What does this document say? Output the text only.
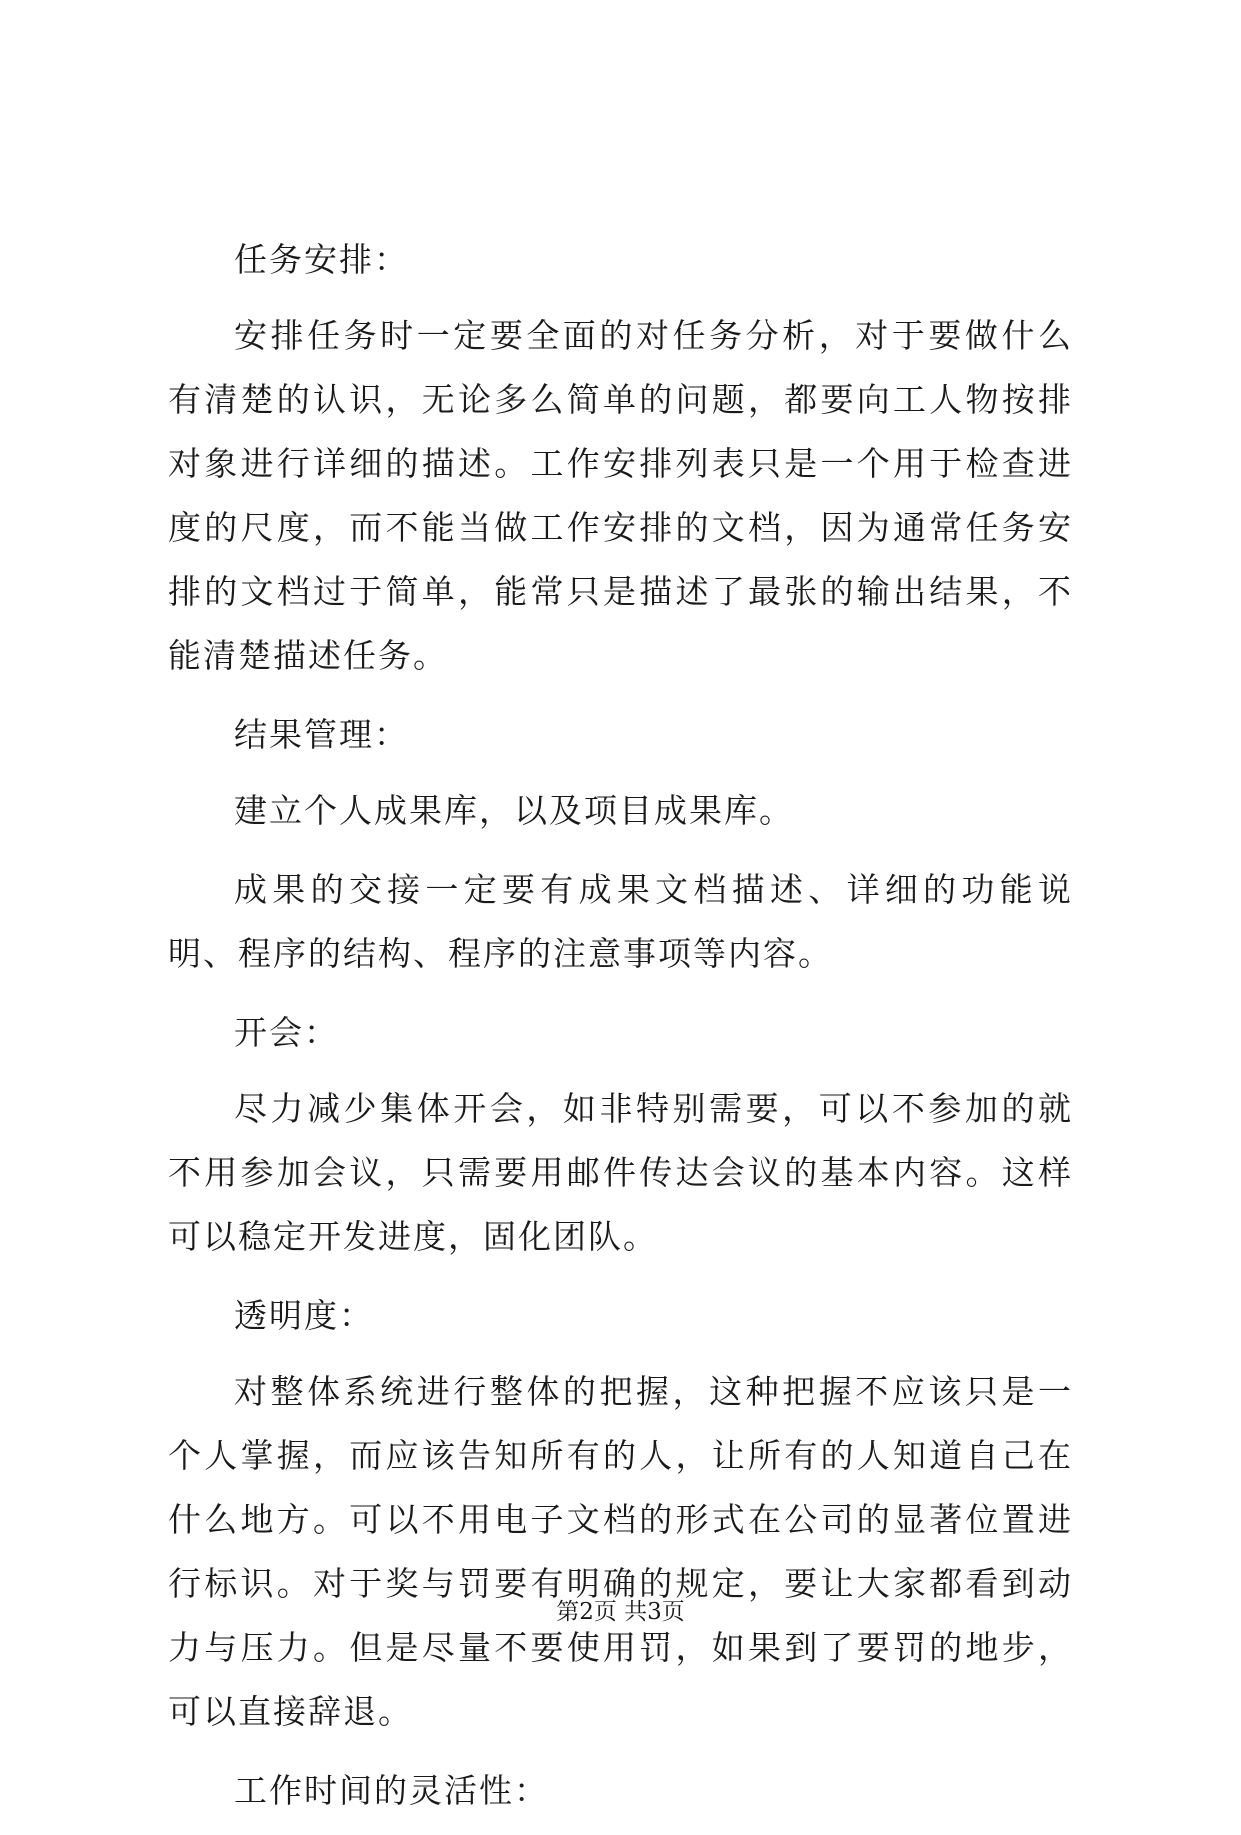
任务安排：

安排任务时一定要全面的对任务分析，对于要做什么有清楚的认识，无论多么简单的问题，都要向工人物按排对象进行详细的描述。工作安排列表只是一个用于检查进度的尺度，而不能当做工作安排的文档，因为通常任务安排的文档过于简单，能常只是描述了最张的输出结果，不能清楚描述任务。

结果管理：

建立个人成果库，以及项目成果库。

成果的交接一定要有成果文档描述、详细的功能说明、程序的结构、程序的注意事项等内容。

开会：

尽力减少集体开会，如非特别需要，可以不参加的就不用参加会议，只需要用邮件传达会议的基本内容。这样可以稳定开发进度，固化团队。

透明度：

对整体系统进行整体的把握，这种把握不应该只是一个人掌握，而应该告知所有的人，让所有的人知道自己在什么地方。可以不用电子文档的形式在公司的显著位置进行标识。对于奖与罚要有明确的规定，要让大家都看到动力与压力。但是尽量不要使用罚，如果到了要罚的地步，可以直接辞退。

工作时间的灵活性：

第2页 共3页
